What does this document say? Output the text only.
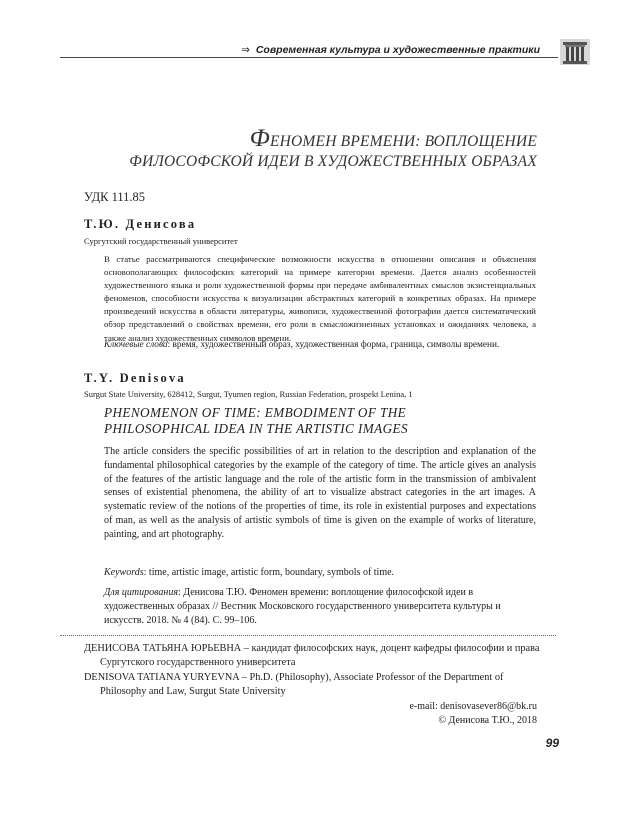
⇒ Современная культура и художественные практики
ФЕНОМЕН ВРЕМЕНИ: ВОПЛОЩЕНИЕ
ФИЛОСОФСКОЙ ИДЕИ В ХУДОЖЕСТВЕННЫХ ОБРАЗАХ
УДК 111.85
Т.Ю. Денисова
Сургутский государственный университет
В статье рассматриваются специфические возможности искусства в отношении описания и объяснения основополагающих философских категорий на примере категории времени. Дается анализ особенностей художественного языка и роли художественной формы при передаче амбивалентных смыслов экзистенциальных феноменов, способности искусства к визуализации абстрактных категорий в конкретных образах. На примере произведений искусства в области литературы, живописи, художественной фотографии дается систематический обзор представлений о свойствах времени, его роли в смысложизненных установках и ожиданиях человека, а также анализ художественных символов времени.
Ключевые слова: время, художественный образ, художественная форма, граница, символы времени.
T.Y. Denisova
Surgut State University, 628412, Surgut, Tyumen region, Russian Federation, prospekt Lenina, 1
PHENOMENON OF TIME: EMBODIMENT OF THE
PHILOSOPHICAL IDEA IN THE ARTISTIC IMAGES
The article considers the specific possibilities of art in relation to the description and explanation of the fundamental philosophical categories by the example of the category of time. The article gives an analysis of the features of the artistic language and the role of the artistic form in the transmission of ambivalent senses of existential phenomena, the ability of art to visualize abstract categories in the art images. A systematic review of the notions of the properties of time, its role in existential purposes and expectations of man, as well as the analysis of artistic symbols of time is given on the example of works of literature, painting, and art photography.
Keywords: time, artistic image, artistic form, boundary, symbols of time.
Для цитирования: Денисова Т.Ю. Феномен времени: воплощение философской идеи в художественных образах // Вестник Московского государственного университета культуры и искусств. 2018. № 4 (84). С. 99–106.
ДЕНИСОВА ТАТЬЯНА ЮРЬЕВНА – кандидат философских наук, доцент кафедры философии и права Сургутского государственного университета
DENISOVA TATIANA YURYEVNA – Ph.D. (Philosophy), Associate Professor of the Department of Philosophy and Law, Surgut State University
e-mail: denisovasever86@bk.ru
© Денисова Т.Ю., 2018
99
